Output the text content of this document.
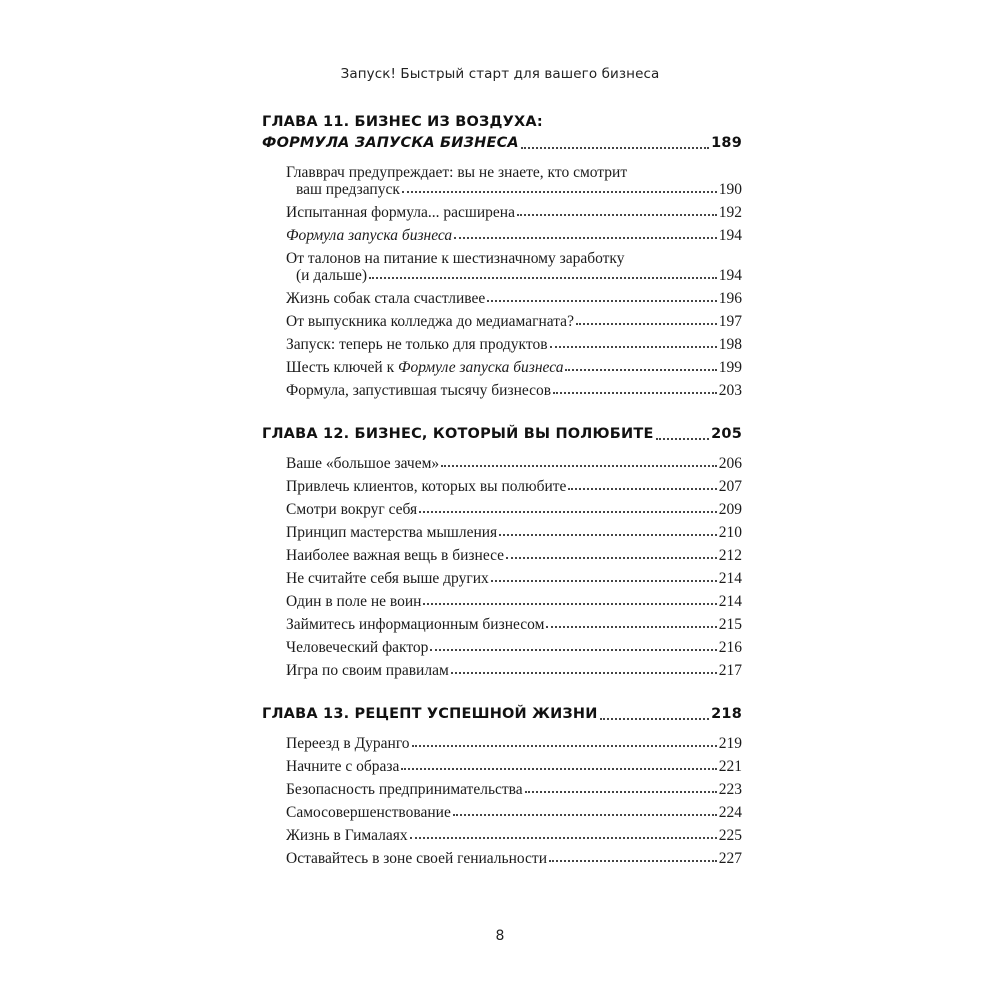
Запуск! Быстрый старт для вашего бизнеса
ГЛАВА 11. БИЗНЕС ИЗ ВОЗДУХА:
ФОРМУЛА ЗАПУСКА БИЗНЕСА	189
Главврач предупреждает: вы не знаете, кто смотрит
ваш предзапуск	190
Испытанная формула... расширена	192
Формула запуска бизнеса	194
От талонов на питание к шестизначному заработку
(и дальше)	194
Жизнь собак стала счастливее	196
От выпускника колледжа до медиамагната?	197
Запуск: теперь не только для продуктов	198
Шесть ключей к Формуле запуска бизнеса	199
Формула, запустившая тысячу бизнесов	203
ГЛАВА 12. БИЗНЕС, КОТОРЫЙ ВЫ ПОЛЮБИТЕ	205
Ваше «большое зачем»	206
Привлечь клиентов, которых вы полюбите	207
Смотри вокруг себя	209
Принцип мастерства мышления	210
Наиболее важная вещь в бизнесе	212
Не считайте себя выше других	214
Один в поле не воин	214
Займитесь информационным бизнесом	215
Человеческий фактор	216
Игра по своим правилам	217
ГЛАВА 13. РЕЦЕПТ УСПЕШНОЙ ЖИЗНИ	218
Переезд в Дуранго	219
Начните с образа	221
Безопасность предпринимательства	223
Самосовершенствование	224
Жизнь в Гималаях	225
Оставайтесь в зоне своей гениальности	227
8
